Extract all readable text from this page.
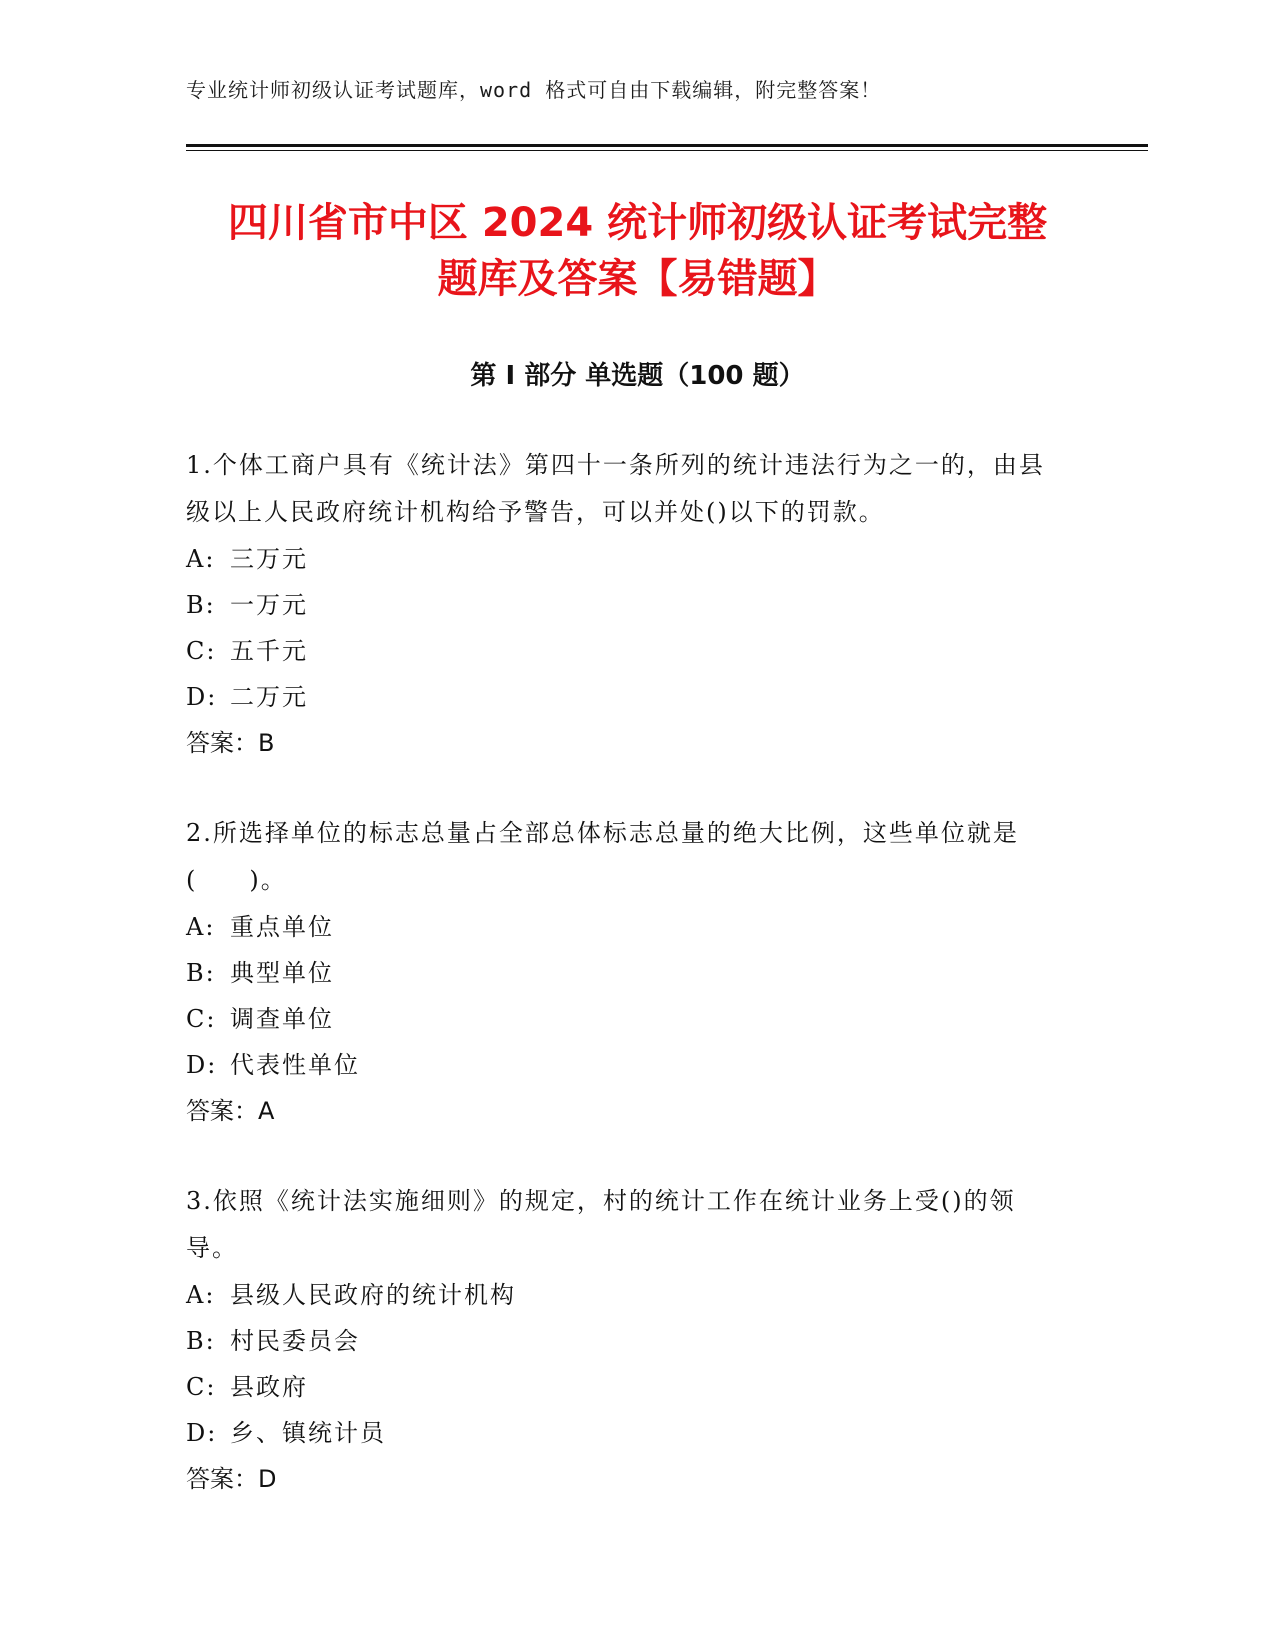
专业统计师初级认证考试题库，word 格式可自由下载编辑，附完整答案！
四川省市中区 2024 统计师初级认证考试完整
题库及答案【易错题】
第 I 部分 单选题（100 题）

1.个体工商户具有《统计法》第四十一条所列的统计违法行为之一的，由县级以上人民政府统计机构给予警告，可以并处()以下的罚款。

A: 三万元
B: 一万元
C: 五千元
D: 二万元
答案：B

2.所选择单位的标志总量占全部总体标志总量的绝大比例，这些单位就是(　　)。

A: 重点单位
B: 典型单位
C: 调查单位
D: 代表性单位
答案：A

3.依照《统计法实施细则》的规定，村的统计工作在统计业务上受()的领导。

A: 县级人民政府的统计机构
B: 村民委员会
C: 县政府
D: 乡、镇统计员
答案：D
